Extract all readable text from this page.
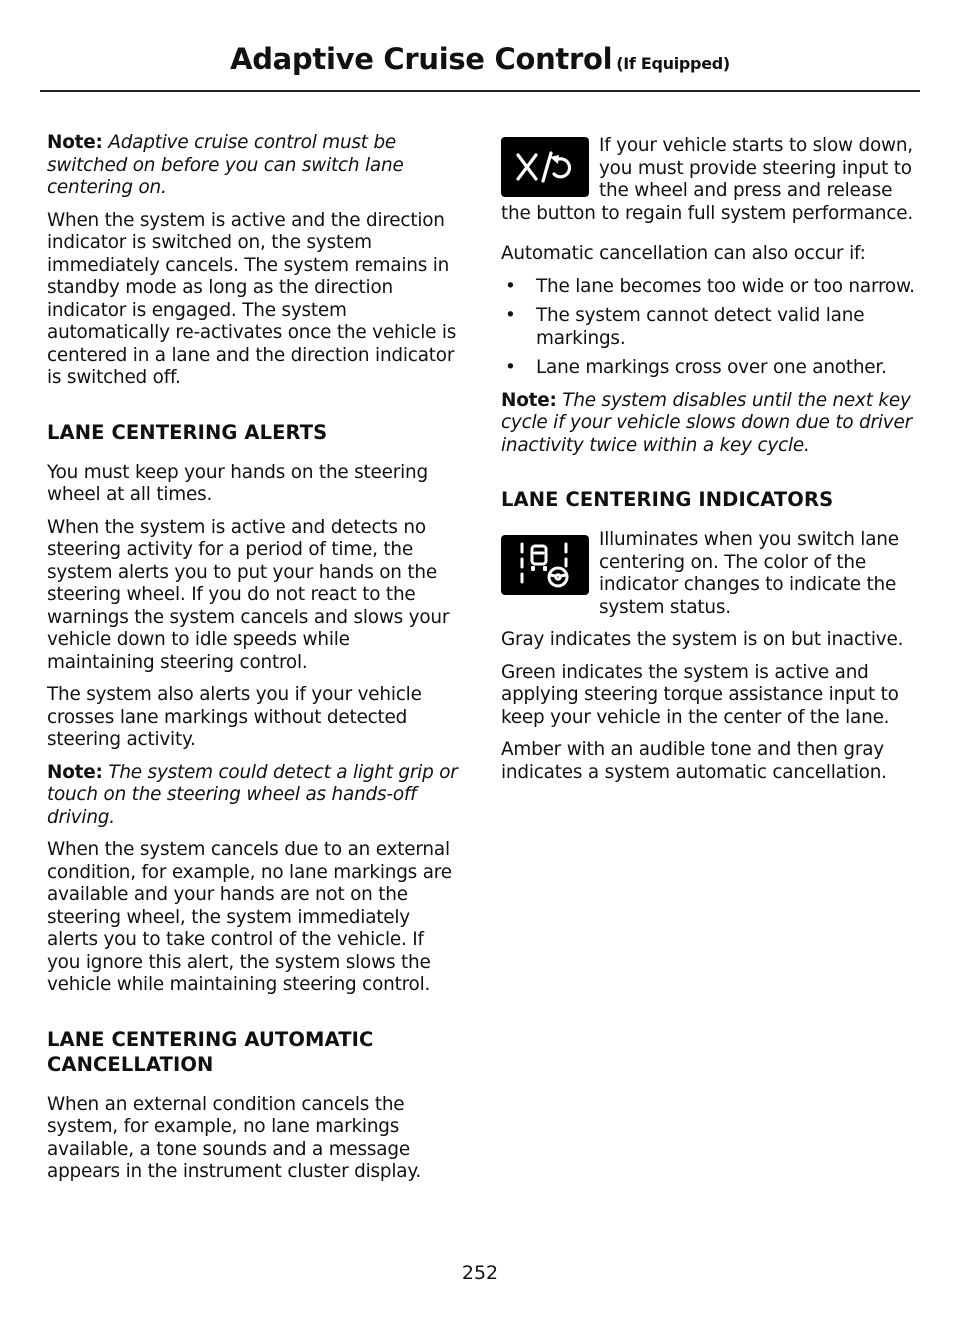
Adaptive Cruise Control (If Equipped)

Note: Adaptive cruise control must be switched on before you can switch lane centering on.

When the system is active and the direction indicator is switched on, the system immediately cancels. The system remains in standby mode as long as the direction indicator is engaged. The system automatically re-activates once the vehicle is centered in a lane and the direction indicator is switched off.

LANE CENTERING ALERTS

You must keep your hands on the steering wheel at all times.

When the system is active and detects no steering activity for a period of time, the system alerts you to put your hands on the steering wheel. If you do not react to the warnings the system cancels and slows your vehicle down to idle speeds while maintaining steering control.

The system also alerts you if your vehicle crosses lane markings without detected steering activity.

Note: The system could detect a light grip or touch on the steering wheel as hands-off driving.

When the system cancels due to an external condition, for example, no lane markings are available and your hands are not on the steering wheel, the system immediately alerts you to take control of the vehicle. If you ignore this alert, the system slows the vehicle while maintaining steering control.

LANE CENTERING AUTOMATIC CANCELLATION

When an external condition cancels the system, for example, no lane markings available, a tone sounds and a message appears in the instrument cluster display.

If your vehicle starts to slow down, you must provide steering input to the wheel and press and release the button to regain full system performance.

Automatic cancellation can also occur if:

• The lane becomes too wide or too narrow.
• The system cannot detect valid lane markings.
• Lane markings cross over one another.

Note: The system disables until the next key cycle if your vehicle slows down due to driver inactivity twice within a key cycle.

LANE CENTERING INDICATORS

Illuminates when you switch lane centering on. The color of the indicator changes to indicate the system status.

Gray indicates the system is on but inactive.

Green indicates the system is active and applying steering torque assistance input to keep your vehicle in the center of the lane.

Amber with an audible tone and then gray indicates a system automatic cancellation.

252
